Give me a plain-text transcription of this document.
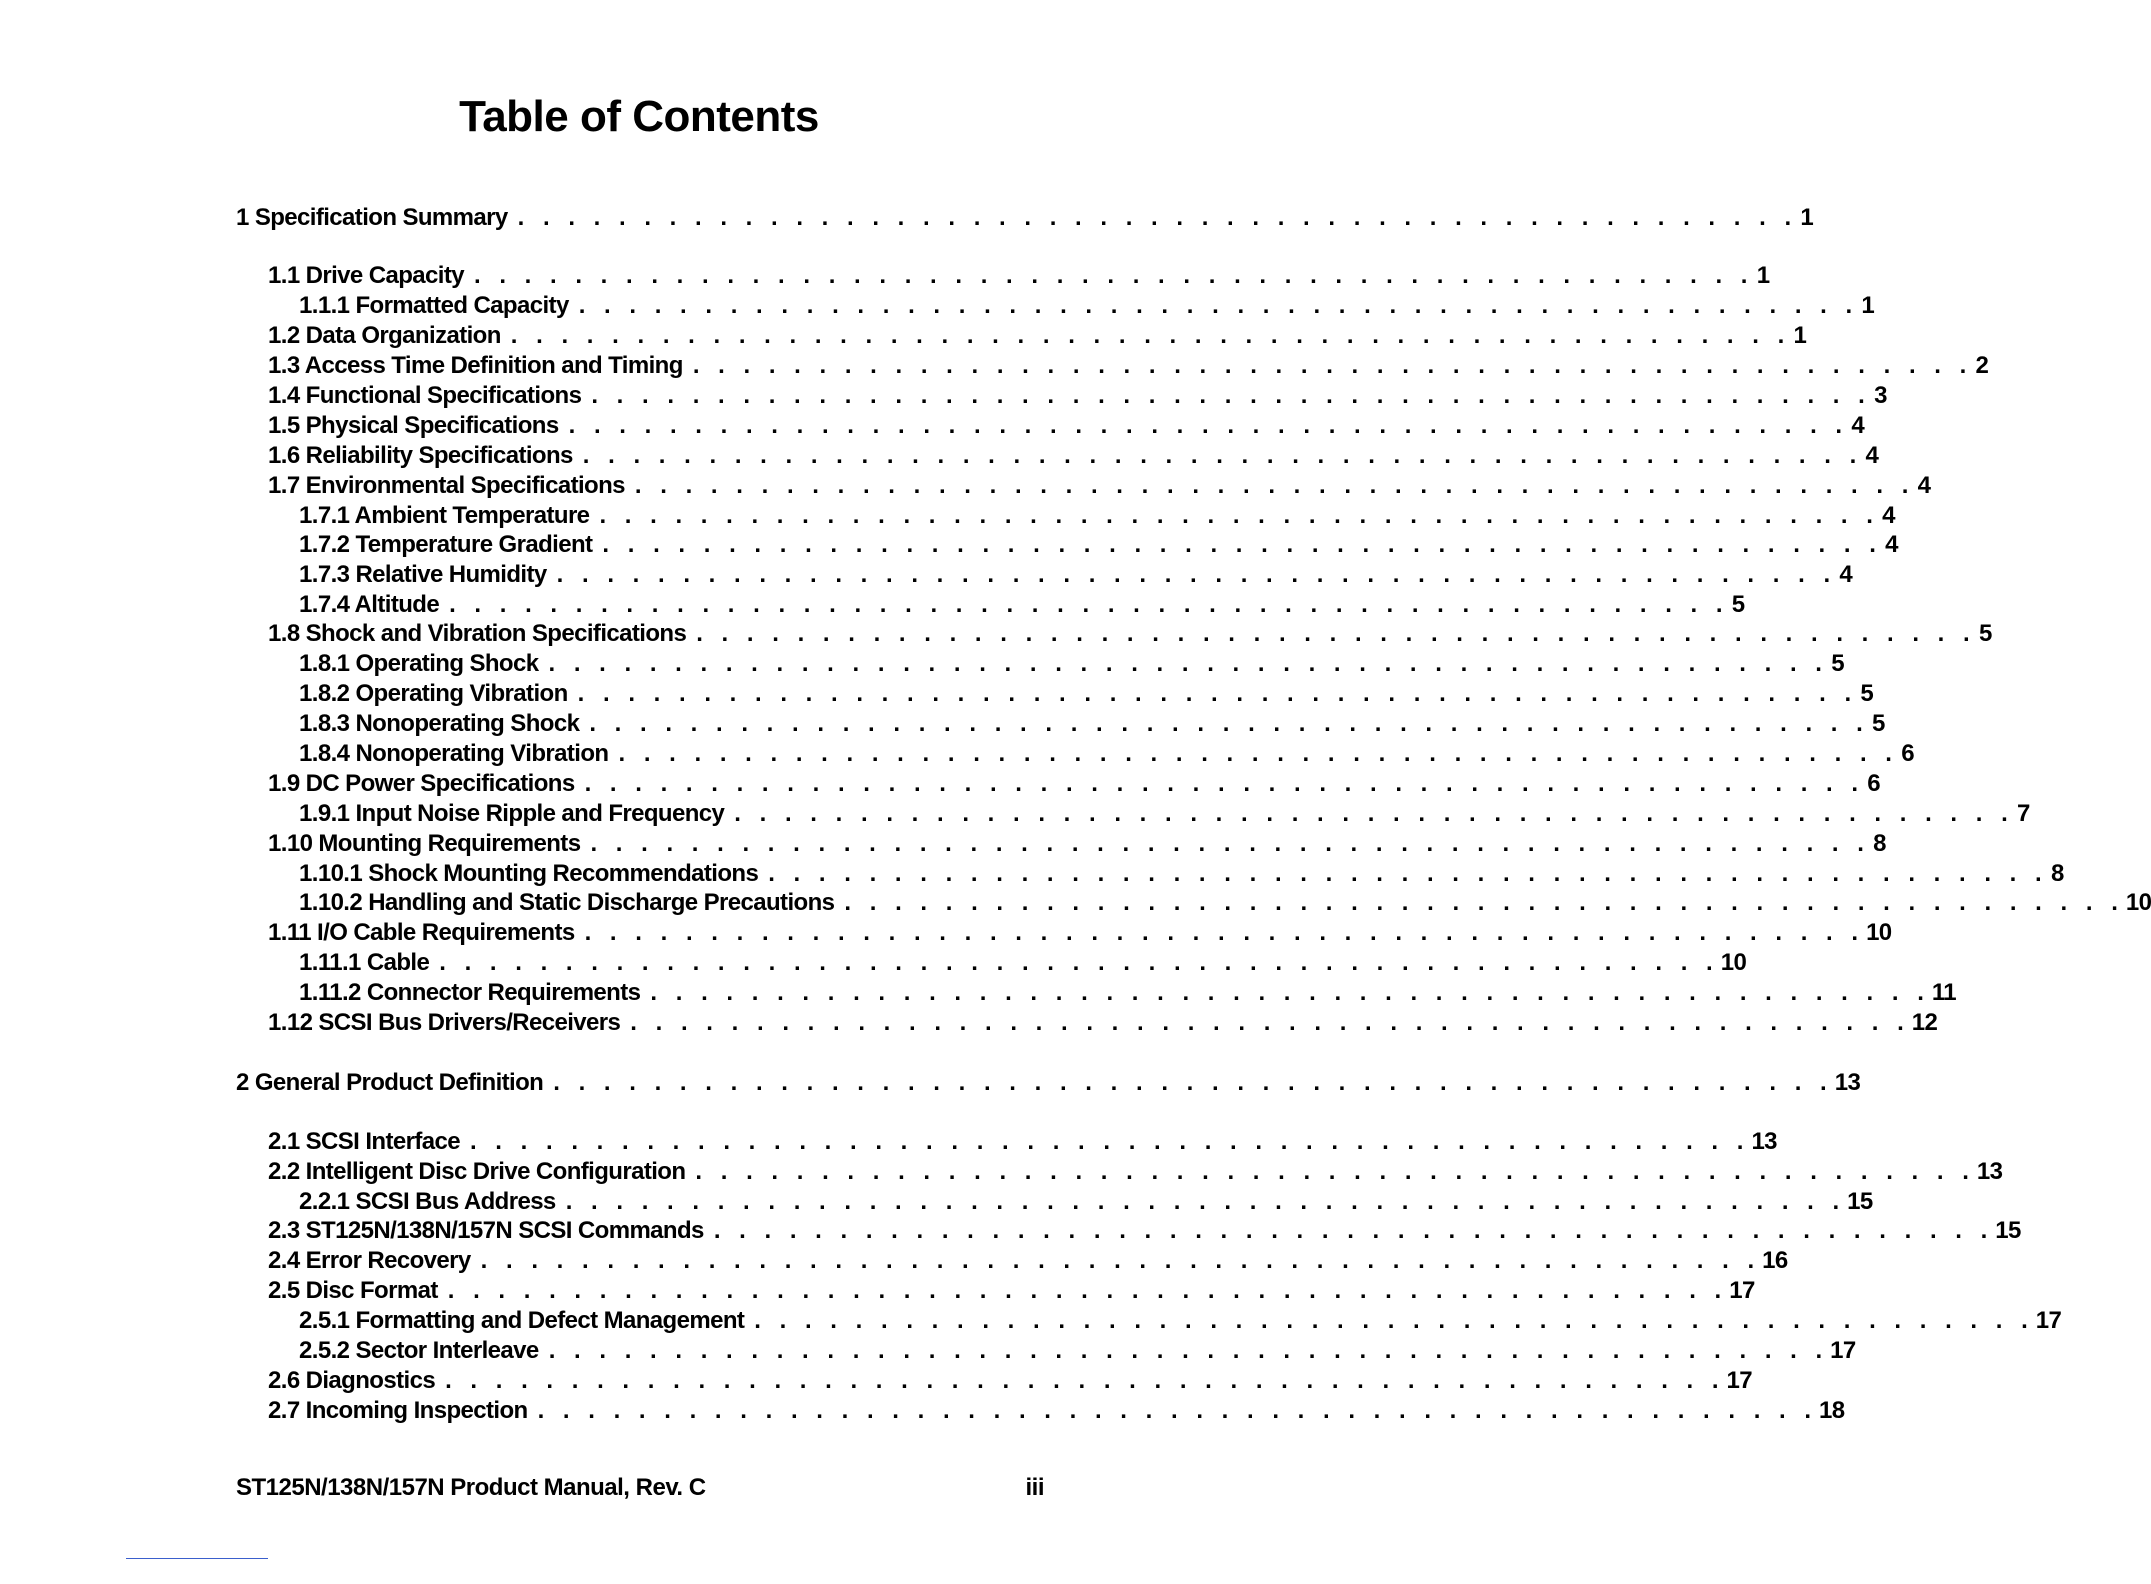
Table of Contents
1 Specification Summary . . . . . . . . . . . . . . . . . . . . . . . . . . . . . . . . . . . . . . . . . . . . . . . . . . . 1
1.1 Drive Capacity . . . . . . . . . . . . . . . . . . . . . . . . . . . . . . . . . . . . . . . . . . . . . . . . . . . 1
1.1.1 Formatted Capacity . . . . . . . . . . . . . . . . . . . . . . . . . . . . . . . . . . . . . . . . . . . . . . . . . . . 1
1.2 Data Organization . . . . . . . . . . . . . . . . . . . . . . . . . . . . . . . . . . . . . . . . . . . . . . . . . . . 1
1.3 Access Time Definition and Timing . . . . . . . . . . . . . . . . . . . . . . . . . . . . . . . . . . . . . . . . . . . . . . . . . . . 2
1.4 Functional Specifications . . . . . . . . . . . . . . . . . . . . . . . . . . . . . . . . . . . . . . . . . . . . . . . . . . . 3
1.5 Physical Specifications . . . . . . . . . . . . . . . . . . . . . . . . . . . . . . . . . . . . . . . . . . . . . . . . . . . 4
1.6 Reliability Specifications . . . . . . . . . . . . . . . . . . . . . . . . . . . . . . . . . . . . . . . . . . . . . . . . . . . 4
1.7 Environmental Specifications . . . . . . . . . . . . . . . . . . . . . . . . . . . . . . . . . . . . . . . . . . . . . . . . . . . 4
1.7.1 Ambient Temperature . . . . . . . . . . . . . . . . . . . . . . . . . . . . . . . . . . . . . . . . . . . . . . . . . . . 4
1.7.2 Temperature Gradient . . . . . . . . . . . . . . . . . . . . . . . . . . . . . . . . . . . . . . . . . . . . . . . . . . . 4
1.7.3 Relative Humidity . . . . . . . . . . . . . . . . . . . . . . . . . . . . . . . . . . . . . . . . . . . . . . . . . . . 4
1.7.4 Altitude . . . . . . . . . . . . . . . . . . . . . . . . . . . . . . . . . . . . . . . . . . . . . . . . . . . 5
1.8 Shock and Vibration Specifications . . . . . . . . . . . . . . . . . . . . . . . . . . . . . . . . . . . . . . . . . . . . . . . . . . . 5
1.8.1 Operating Shock . . . . . . . . . . . . . . . . . . . . . . . . . . . . . . . . . . . . . . . . . . . . . . . . . . . 5
1.8.2 Operating Vibration . . . . . . . . . . . . . . . . . . . . . . . . . . . . . . . . . . . . . . . . . . . . . . . . . . . 5
1.8.3 Nonoperating Shock . . . . . . . . . . . . . . . . . . . . . . . . . . . . . . . . . . . . . . . . . . . . . . . . . . . 5
1.8.4 Nonoperating Vibration . . . . . . . . . . . . . . . . . . . . . . . . . . . . . . . . . . . . . . . . . . . . . . . . . . . 6
1.9 DC Power Specifications . . . . . . . . . . . . . . . . . . . . . . . . . . . . . . . . . . . . . . . . . . . . . . . . . . . 6
1.9.1 Input Noise Ripple and Frequency . . . . . . . . . . . . . . . . . . . . . . . . . . . . . . . . . . . . . . . . . . . . . . . . . . . 7
1.10 Mounting Requirements . . . . . . . . . . . . . . . . . . . . . . . . . . . . . . . . . . . . . . . . . . . . . . . . . . . 8
1.10.1 Shock Mounting Recommendations . . . . . . . . . . . . . . . . . . . . . . . . . . . . . . . . . . . . . . . . . . . . . . . . . . . 8
1.10.2 Handling and Static Discharge Precautions . . . . . . . . . . . . . . . . . . . . . . . . . . . . . . . . . . . . . . . . . . . . . . . . . . . 10
1.11 I/O Cable Requirements . . . . . . . . . . . . . . . . . . . . . . . . . . . . . . . . . . . . . . . . . . . . . . . . . . . 10
1.11.1 Cable . . . . . . . . . . . . . . . . . . . . . . . . . . . . . . . . . . . . . . . . . . . . . . . . . . . 10
1.11.2 Connector Requirements . . . . . . . . . . . . . . . . . . . . . . . . . . . . . . . . . . . . . . . . . . . . . . . . . . . 11
1.12 SCSI Bus Drivers/Receivers . . . . . . . . . . . . . . . . . . . . . . . . . . . . . . . . . . . . . . . . . . . . . . . . . . . 12
2 General Product Definition . . . . . . . . . . . . . . . . . . . . . . . . . . . . . . . . . . . . . . . . . . . . . . . . . . . 13
2.1 SCSI Interface . . . . . . . . . . . . . . . . . . . . . . . . . . . . . . . . . . . . . . . . . . . . . . . . . . . 13
2.2 Intelligent Disc Drive Configuration . . . . . . . . . . . . . . . . . . . . . . . . . . . . . . . . . . . . . . . . . . . . . . . . . . . 13
2.2.1 SCSI Bus Address . . . . . . . . . . . . . . . . . . . . . . . . . . . . . . . . . . . . . . . . . . . . . . . . . . . 15
2.3 ST125N/138N/157N SCSI Commands . . . . . . . . . . . . . . . . . . . . . . . . . . . . . . . . . . . . . . . . . . . . . . . . . . . 15
2.4 Error Recovery . . . . . . . . . . . . . . . . . . . . . . . . . . . . . . . . . . . . . . . . . . . . . . . . . . . 16
2.5 Disc Format . . . . . . . . . . . . . . . . . . . . . . . . . . . . . . . . . . . . . . . . . . . . . . . . . . . 17
2.5.1 Formatting and Defect Management . . . . . . . . . . . . . . . . . . . . . . . . . . . . . . . . . . . . . . . . . . . . . . . . . . . 17
2.5.2 Sector Interleave . . . . . . . . . . . . . . . . . . . . . . . . . . . . . . . . . . . . . . . . . . . . . . . . . . . 17
2.6 Diagnostics . . . . . . . . . . . . . . . . . . . . . . . . . . . . . . . . . . . . . . . . . . . . . . . . . . . 17
2.7 Incoming Inspection . . . . . . . . . . . . . . . . . . . . . . . . . . . . . . . . . . . . . . . . . . . . . . . . . . . 18
ST125N/138N/157N Product Manual, Rev. C	iii
